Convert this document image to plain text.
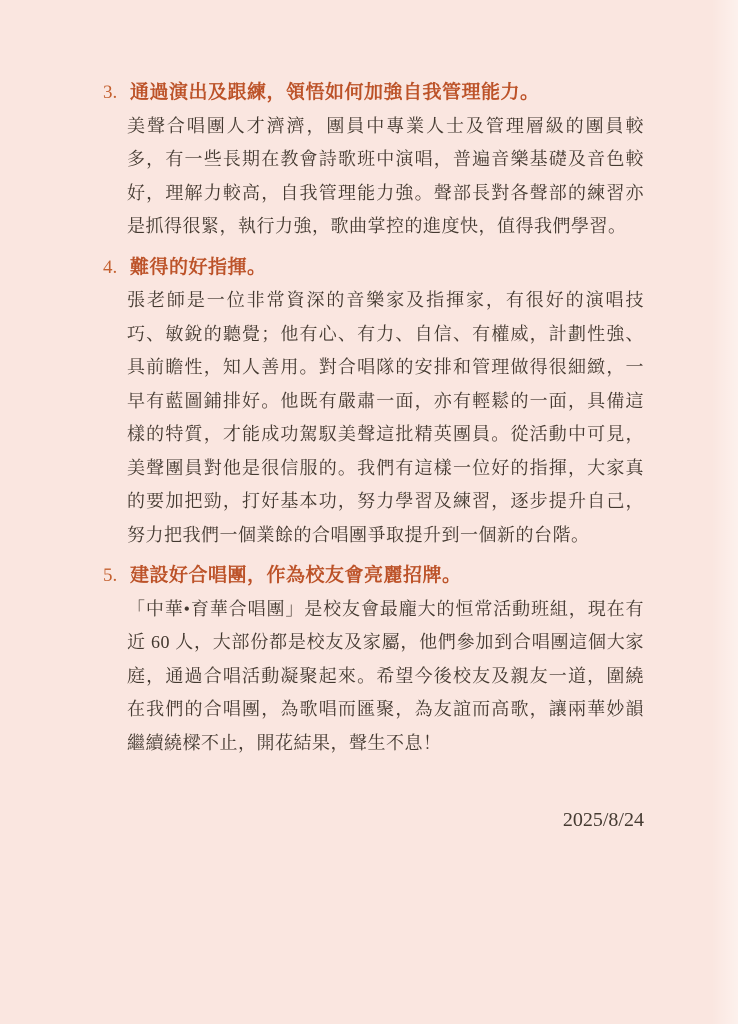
3. 通過演出及跟練，領悟如何加強自我管理能力。

美聲合唱團人才濟濟，團員中專業人士及管理層級的團員較多，有一些長期在教會詩歌班中演唱，普遍音樂基礎及音色較好，理解力較高，自我管理能力強。聲部長對各聲部的練習亦是抓得很緊，執行力強，歌曲掌控的進度快，值得我們學習。

4. 難得的好指揮。

張老師是一位非常資深的音樂家及指揮家，有很好的演唱技巧、敏銳的聽覺；他有心、有力、自信、有權威，計劃性強、具前瞻性，知人善用。對合唱隊的安排和管理做得很細緻，一早有藍圖鋪排好。他既有嚴肅一面，亦有輕鬆的一面，具備這樣的特質，才能成功駕馭美聲這批精英團員。從活動中可見，美聲團員對他是很信服的。我們有這樣一位好的指揮，大家真的要加把勁，打好基本功，努力學習及練習，逐步提升自己，努力把我們一個業餘的合唱團爭取提升到一個新的台階。

5. 建設好合唱團，作為校友會亮麗招牌。

「中華•育華合唱團」是校友會最龐大的恒常活動班組，現在有近 60 人，大部份都是校友及家屬，他們參加到合唱團這個大家庭，通過合唱活動凝聚起來。希望今後校友及親友一道，圍繞在我們的合唱團，為歌唱而匯聚，為友誼而高歌，讓兩華妙韻繼續繞樑不止，開花結果，聲生不息！

2025/8/24
